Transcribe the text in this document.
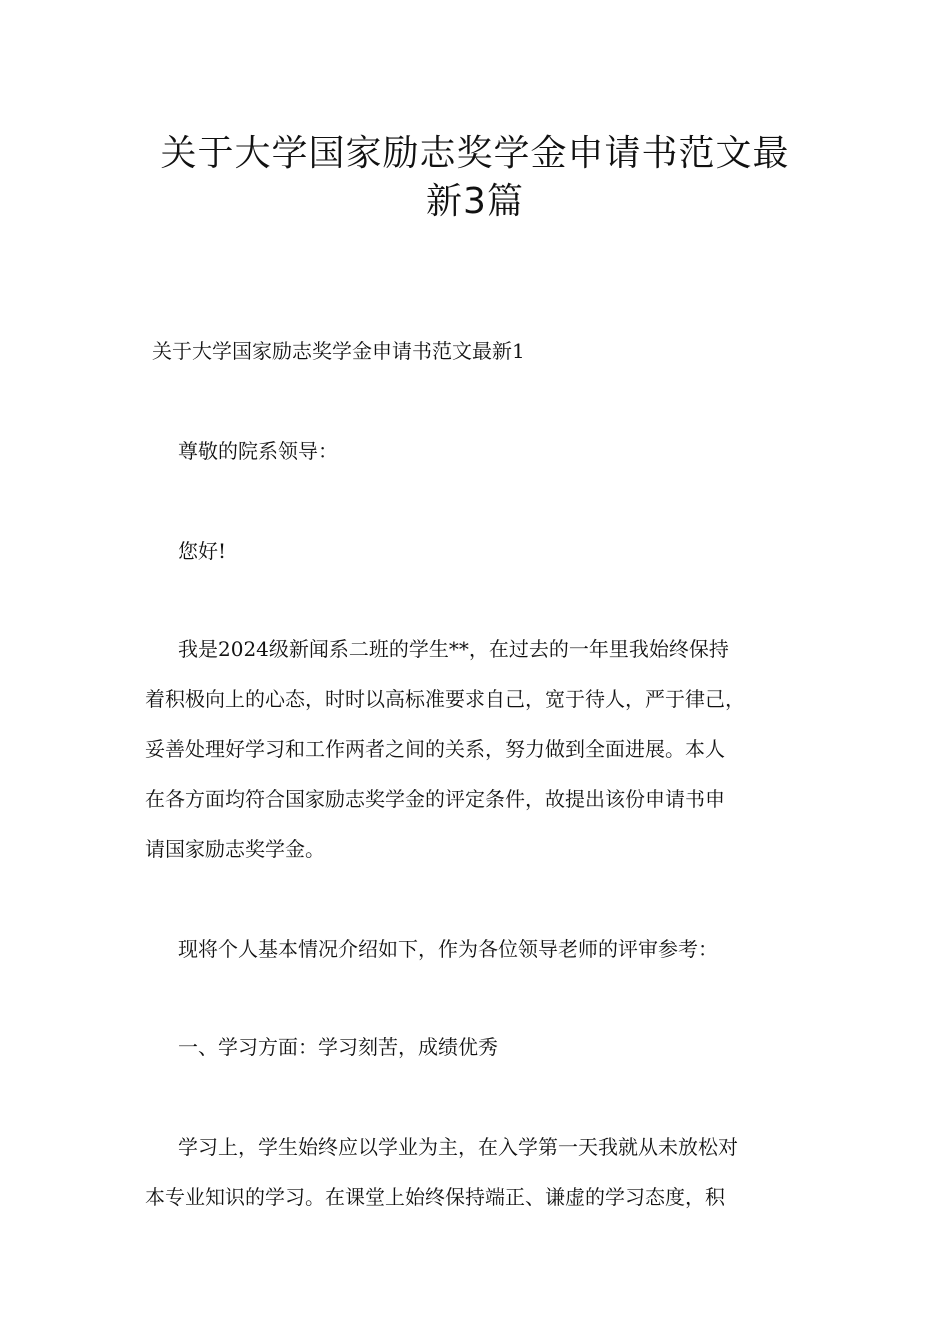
关于大学国家励志奖学金申请书范文最
新3篇

关于大学国家励志奖学金申请书范文最新1

尊敬的院系领导：

您好!

我是2024级新闻系二班的学生**，在过去的一年里我始终保持

着积极向上的心态，时时以高标准要求自己，宽于待人，严于律己，

妥善处理好学习和工作两者之间的关系，努力做到全面进展。本人

在各方面均符合国家励志奖学金的评定条件，故提出该份申请书申

请国家励志奖学金。

现将个人基本情况介绍如下，作为各位领导老师的评审参考：

一、学习方面：学习刻苦，成绩优秀

学习上，学生始终应以学业为主，在入学第一天我就从未放松对

本专业知识的学习。在课堂上始终保持端正、谦虚的学习态度，积
